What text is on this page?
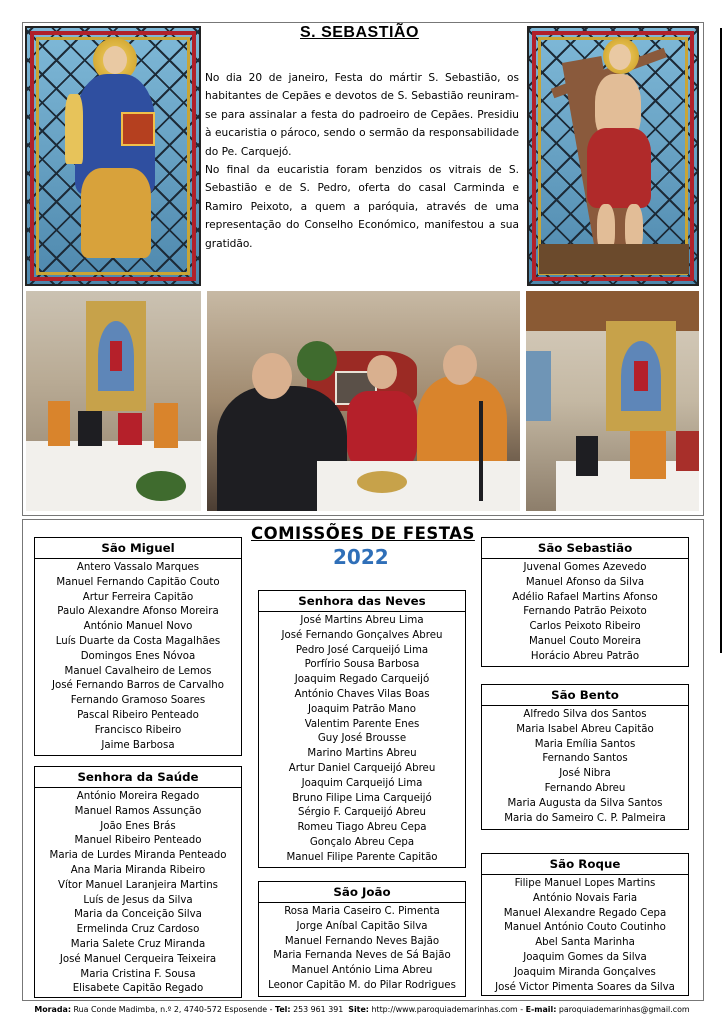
S. SEBASTIÃO

No dia 20 de janeiro, Festa do mártir S. Sebastião, os habitantes de Cepães e devotos de S. Sebastião reuniram-se para assinalar a festa do padroeiro de Cepães. Presidiu à eucaristia o pároco, sendo o sermão da responsabilidade do Pe. Carquejó.

No final da eucaristia foram benzidos os vitrais de S. Sebastião e de S. Pedro, oferta do casal Carminda e Ramiro Peixoto, a quem a paróquia, através de uma representação do Conselho Económico, manifestou a sua gratidão.

COMISSÕES DE FESTAS
2022
São Miguel
Antero Vassalo Marques
Manuel Fernando Capitão Couto
Artur Ferreira Capitão
Paulo Alexandre Afonso Moreira
António Manuel Novo
Luís Duarte da Costa Magalhães
Domingos Enes Nóvoa
Manuel Cavalheiro de Lemos
José Fernando Barros de Carvalho
Fernando Gramoso Soares
Pascal Ribeiro Penteado
Francisco Ribeiro
Jaime Barbosa
Senhora da Saúde
António Moreira Regado
Manuel Ramos Assunção
João Enes Brás
Manuel Ribeiro Penteado
Maria de Lurdes Miranda Penteado
Ana Maria Miranda Ribeiro
Vítor Manuel Laranjeira Martins
Luís de Jesus da Silva
Maria da Conceição Silva
Ermelinda Cruz Cardoso
Maria Salete Cruz Miranda
José Manuel Cerqueira Teixeira
Maria Cristina F. Sousa
Elisabete Capitão Regado
Senhora das Neves
José Martins Abreu Lima
José Fernando Gonçalves Abreu
Pedro José Carqueijó Lima
Porfírio Sousa Barbosa
Joaquim Regado Carqueijó
António Chaves Vilas Boas
Joaquim Patrão Mano
Valentim Parente Enes
Guy José Brousse
Marino Martins Abreu
Artur Daniel Carqueijó Abreu
Joaquim Carqueijó Lima
Bruno Filipe Lima Carqueijó
Sérgio F. Carqueijó Abreu
Romeu Tiago Abreu Cepa
Gonçalo Abreu Cepa
Manuel Filipe Parente Capitão
São João
Rosa Maria Caseiro C. Pimenta
Jorge Aníbal Capitão Silva
Manuel Fernando Neves Bajão
Maria Fernanda Neves de Sá Bajão
Manuel António Lima Abreu
Leonor Capitão M. do Pilar Rodrigues
São Sebastião
Juvenal Gomes Azevedo
Manuel Afonso da Silva
Adélio Rafael Martins Afonso
Fernando Patrão Peixoto
Carlos Peixoto Ribeiro
Manuel Couto Moreira
Horácio Abreu Patrão
São Bento
Alfredo Silva dos Santos
Maria Isabel Abreu Capitão
Maria Emília Santos
Fernando Santos
José Nibra
Fernando Abreu
Maria Augusta da Silva Santos
Maria do Sameiro C. P. Palmeira
São Roque
Filipe Manuel Lopes Martins
António Novais Faria
Manuel Alexandre Regado Cepa
Manuel António Couto Coutinho
Abel Santa Marinha
Joaquim Gomes da Silva
Joaquim Miranda Gonçalves
José Victor Pimenta Soares da Silva
Morada: Rua Conde Madimba, n.º 2, 4740-572 Esposende - Tel: 253 961 391 Site: http://www.paroquiademarinhas.com - E-mail: paroquiademarinhas@gmail.com
